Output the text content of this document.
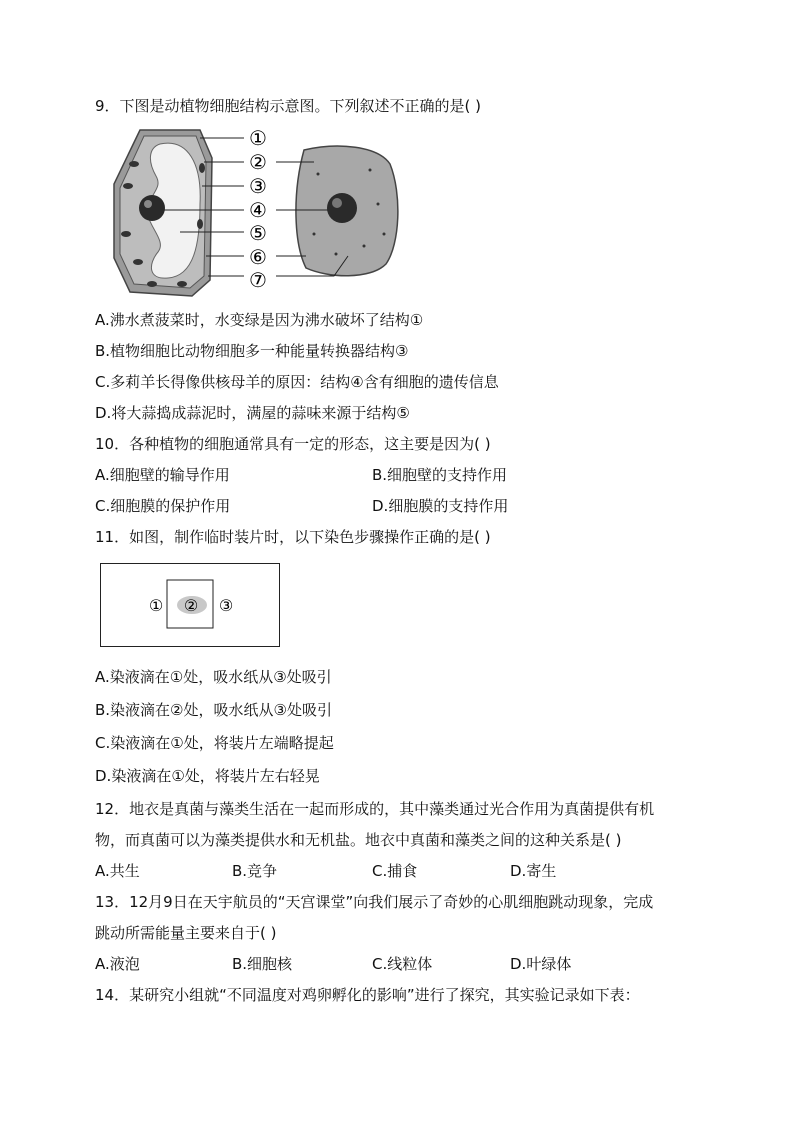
9．下图是动植物细胞结构示意图。下列叙述不正确的是( )
①
②
③
④
⑤
⑥
⑦
A.沸水煮菠菜时，水变绿是因为沸水破坏了结构①
B.植物细胞比动物细胞多一种能量转换器结构③
C.多莉羊长得像供核母羊的原因：结构④含有细胞的遗传信息
D.将大蒜捣成蒜泥时，满屋的蒜味来源于结构⑤
10．各种植物的细胞通常具有一定的形态，这主要是因为( )
A.细胞壁的输导作用	B.细胞壁的支持作用
C.细胞膜的保护作用	D.细胞膜的支持作用
11．如图，制作临时装片时，以下染色步骤操作正确的是( )
① ② ③
A.染液滴在①处，吸水纸从③处吸引
B.染液滴在②处，吸水纸从③处吸引
C.染液滴在①处，将装片左端略提起
D.染液滴在①处，将装片左右轻晃
12．地衣是真菌与藻类生活在一起而形成的，其中藻类通过光合作用为真菌提供有机
物，而真菌可以为藻类提供水和无机盐。地衣中真菌和藻类之间的这种关系是( )
A.共生	B.竞争	C.捕食	D.寄生
13．12月9日在天宇航员的“天宫课堂”向我们展示了奇妙的心肌细胞跳动现象，完成
跳动所需能量主要来自于( )
A.液泡	B.细胞核	C.线粒体	D.叶绿体
14．某研究小组就“不同温度对鸡卵孵化的影响”进行了探究，其实验记录如下表：
